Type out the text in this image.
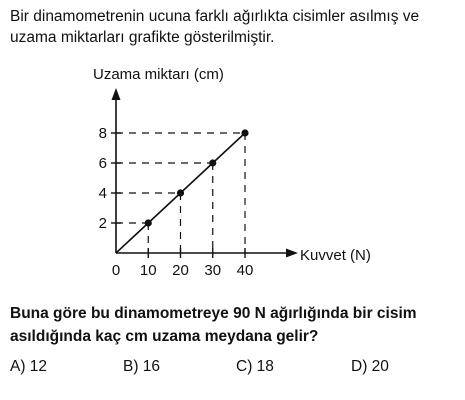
Bir dinamometrenin ucuna farklı ağırlıkta cisimler asılmış ve uzama miktarları grafikte gösterilmiştir.

Uzama miktarı (cm)
Kuvvet (N)
0 10 20 30 40
2
4
6
8

Buna göre bu dinamometreye 90 N ağırlığında bir cisim asıldığında kaç cm uzama meydana gelir?

A) 12	B) 16	C) 18	D) 20
